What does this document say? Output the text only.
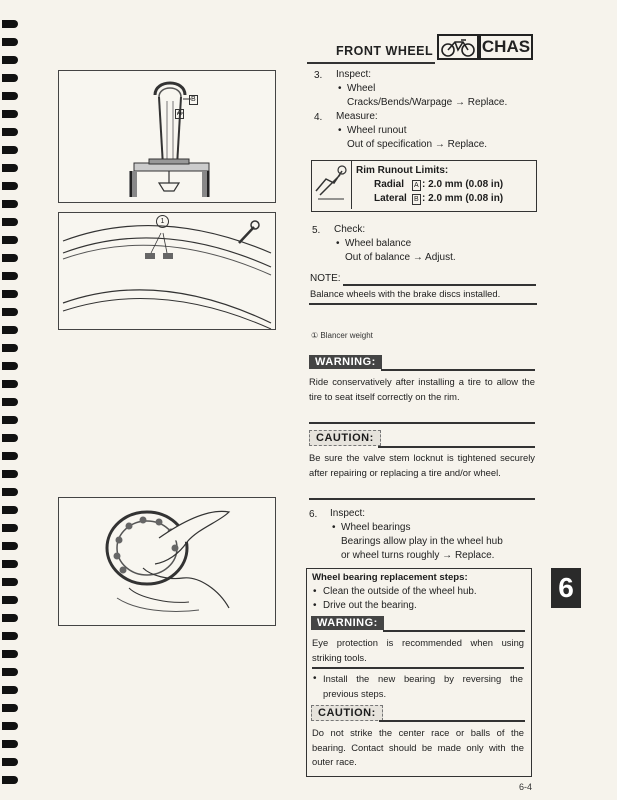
FRONT WHEEL	CHAS
B
A
1
① Blancer weight
3. Inspect:
• Wheel
Cracks/Bends/Warpage → Replace.
4. Measure:
• Wheel runout
Out of specification → Replace.
Rim Runout Limits:
Radial A : 2.0 mm (0.08 in)
Lateral B : 2.0 mm (0.08 in)
5. Check:
• Wheel balance
Out of balance → Adjust.
NOTE:
Balance wheels with the brake discs installed.
WARNING:
Ride conservatively after installing a tire to allow the tire to seat itself correctly on the rim.
CAUTION:
Be sure the valve stem locknut is tightened securely after repairing or replacing a tire and/or wheel.
6. Inspect:
• Wheel bearings
Bearings allow play in the wheel hub
or wheel turns roughly → Replace.
Wheel bearing replacement steps:
• Clean the outside of the wheel hub.
• Drive out the bearing.
WARNING:
Eye protection is recommended when using striking tools.
• Install the new bearing by reversing the previous steps.
CAUTION:
Do not strike the center race or balls of the bearing. Contact should be made only with the outer race.
6
6-4
